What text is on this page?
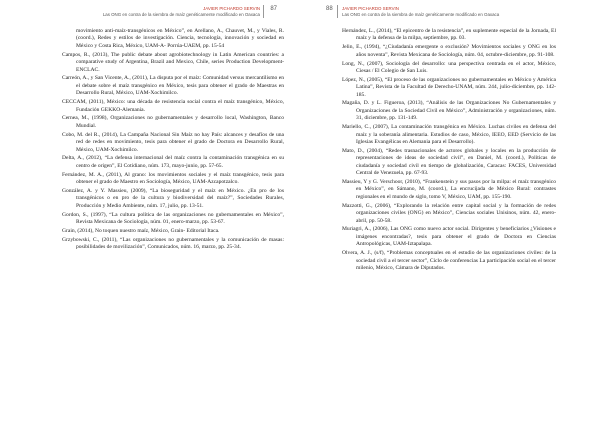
JAVIER PICHARDO SERVIN
Las ONG en contra de la siembra de maíz genéticamente modificado en Oaxaca
87

movimiento anti-maíz-transgénicos en México”, en Arellano, A., Chauvet, M., y Viales, R. (coord.), Redes y estilos de investigación. Ciencia, tecnología, innovación y sociedad en México y Costa Rica, México, UAM-A- Porrúa-UAEM, pp. 15-54

Campos, R., (2013), The public debate about agrobiotechnology in Latin American countries: a comparative study of Argentina, Brazil and Mexico, Chile, series Production Development-ENCLAC.

Carreón, A., y San Vicente, A., (2011), La disputa por el maíz: Comunidad versus mercantilismo en el debate sobre el maíz transgénico en México, tesis para obtener el grado de Maestras en Desarrollo Rural, México, UAM-Xochimilco.

CECCAM, (2011), México: una década de resistencia social contra el maíz transgénico, México, Fundación GEKKO-Alemania.

Cernea, M., (1998), Organizaciones no gubernamentales y desarrollo local, Washington, Banco Mundial.

Cobo, M. del R., (2014), La Campaña Nacional Sin Maíz no hay País: alcances y desafíos de una red de redes en movimiento, tesis para obtener el grado de Doctora en Desarrollo Rural, México, UAM-Xochimilco.

Delta, A., (2012), “La defensa internacional del maíz contra la contaminación transgénica en su centro de origen”, El Cotidiano, núm. 173, mayo-junio, pp. 57-65.

Fernández, M. A., (2011), Al grano: los movimientos sociales y el maíz transgénico, tesis para obtener el grado de Maestro en Sociología, México, UAM-Azcapotzalco.

González, A. y Y. Massieu, (2009), “La bioseguridad y el maíz en México. ¿En pro de los transgénicos o en pro de la cultura y biodiversidad del maíz?”, Sociedades Rurales, Producción y Medio Ambiente, núm. 17, julio, pp. 13-51.

Gordon, S., (1997), “La cultura política de las organizaciones no gubernamentales en México”, Revista Mexicana de Sociología, núm. 01, enero-marzo, pp. 53-67.

Grain, (2014), No toquen nuestro maíz, México, Grain- Editorial Itaca.

Grzybowski, C., (2011), “Las organizaciones no gubernamentales y la comunicación de masas: posibilidades de movilización”, Comunicados, núm. 16, marzo, pp. 25-34.

88 JAVIER PICHARDO SERVIN
Las ONG en contra de la siembra de maíz genéticamente modificado en Oaxaca

Hernández, L., (2014), “El epicentro de la resistencia”, en suplemente especial de la Jornada, El maíz y la defensa de la milpa, septiembre, pp. 03.

Jelin, E., (1994), “¿Ciudadanía emergente o exclusión? Movimientos sociales y ONG en los años noventa”, Revista Mexicana de Sociología, núm. 04, octubre-diciembre, pp. 91-108.

Long, N., (2007), Sociología del desarrollo: una perspectiva centrada en el actor, México, Ciesas / El Colegio de San Luis.

López, N., (2005), “El proceso de las organizaciones no gubernamentales en México y América Latina”, Revista de la Facultad de Derecho-UNAM, núm. 244, julio-diciembre, pp. 142-185.

Magaña, D. y L. Figueroa, (2013), “Análisis de las Organizaciones No Gubernamentales y Organizaciones de la Sociedad Civil en México”, Administración y organizaciones, núm. 31, diciembre, pp. 131-149.

Mariello, C., (2007), La contaminación transgénica en México. Luchas civiles en defensa del maíz y la soberanía alimentaria. Estudios de caso, México, IEEO, EED (Servicio de las Iglesias Evangélicas en Alemania para el Desarrollo).

Mato, D., (2004), “Redes trasnacionales de actores globales y locales en la producción de representaciones de ideas de sociedad civil”, en Daniel, M. (coord.), Políticas de ciudadanía y sociedad civil en tiempo de globalización, Caracas: FACES, Universidad Central de Venezuela, pp. 67-93.

Massieu, Y y G. Verschoor, (2010), “Frankenstein y sus pasos por la milpa: el maíz transgénico en México”, en Sámano, M. (coord.), La encrucijada de México Rural: contrastes regionales en el mundo de siglo, tomo V, México, UAM, pp. 155-190.

Mazzotti, G., (2006), “Explorando la relación entre capital social y la formación de redes organizaciones civiles (ONG) en México”, Ciencias sociales Unisinos, núm. 42, enero-abril, pp. 50-58.

Muriagri, A., (2006), Las ONG como nuevo actor social. Dirigentes y beneficiarios ¿Visiones e imágenes encontradas?, tesis para obtener el grado de Doctora en Ciencias Antropológicas, UAM-Iztapalapa.

Olvera, A. J., (s/f), “Problemas conceptuales en el estudio de las organizaciones civiles: de la sociedad civil a el tercer sector”, Ciclo de conferencias La participación social en el tercer milenio, México, Cámara de Diputados.
